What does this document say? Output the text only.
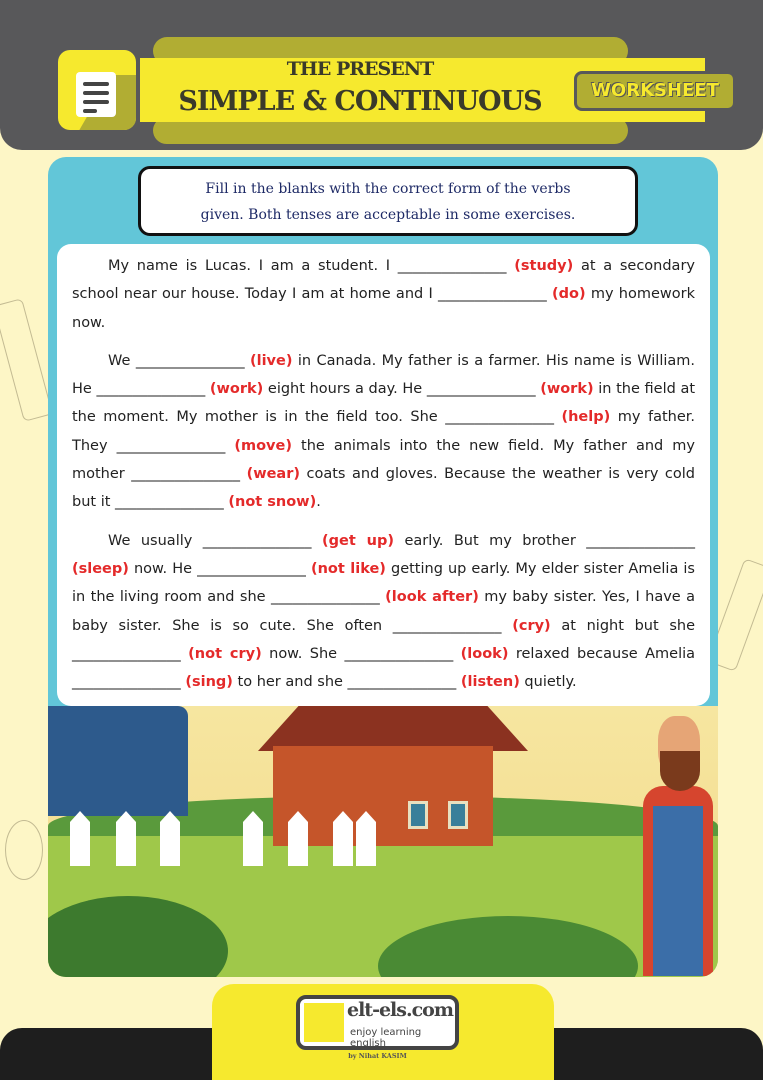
THE PRESENT
SIMPLE & CONTINUOUS	WORKSHEET
Fill in the blanks with the correct form of the verbs
given. Both tenses are acceptable in some exercises.

My name is Lucas. I am a student. I _______________ (study) at a secondary school near our house. Today I am at home and I _______________ (do) my homework now.

We _______________ (live) in Canada. My father is a farmer. His name is William. He _______________ (work) eight hours a day. He _______________ (work) in the field at the moment. My mother is in the field too. She _______________ (help) my father. They _______________ (move) the animals into the new field. My father and my mother _______________ (wear) coats and gloves. Because the weather is very cold but it _______________ (not snow).

We usually _______________ (get up) early. But my brother _______________ (sleep) now. He _______________ (not like) getting up early. My elder sister Amelia is in the living room and she _______________ (look after) my baby sister. Yes, I have a baby sister. She is so cute. She often _______________ (cry) at night but she _______________ (not cry) now. She _______________ (look) relaxed because Amelia _______________ (sing) to her and she _______________ (listen) quietly.

elt-els.com
enjoy learning english
by Nihat KASIM
